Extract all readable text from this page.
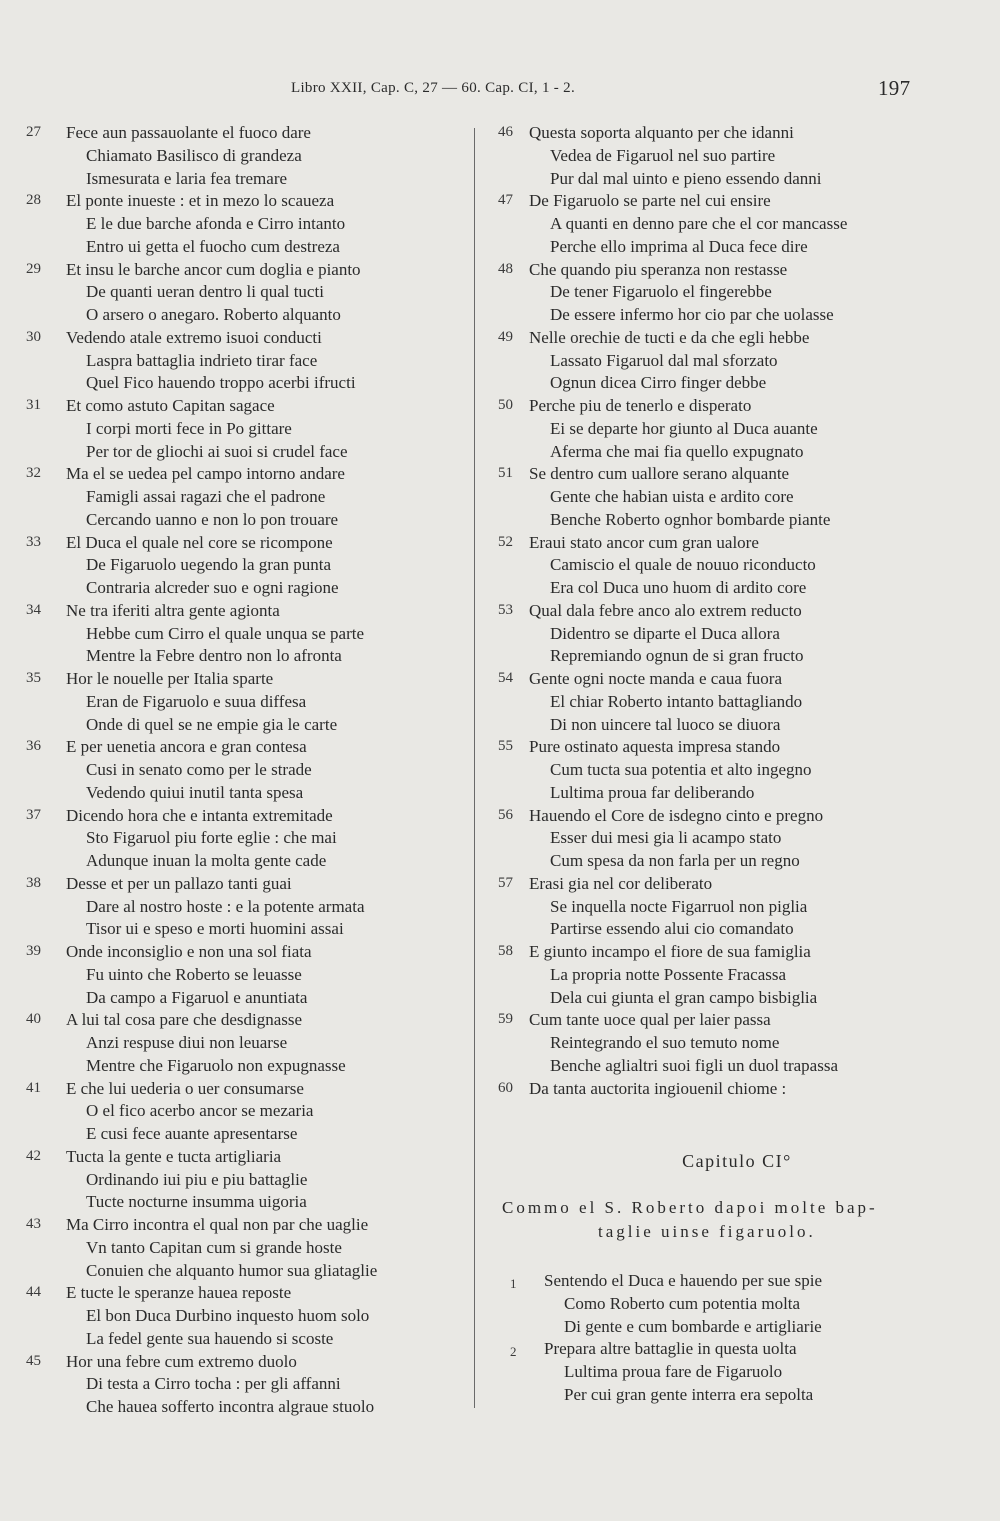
Libro XXII, Cap. C, 27 — 60. Cap. CI, 1 - 2.	197
27	Fece aun passauolante el fuoco dare
Chiamato Basilisco di grandeza
Ismesurata e laria fea tremare
28	El ponte inueste : et in mezo lo scaueza
E le due barche afonda e Cirro intanto
Entro ui getta el fuocho cum destreza
29	Et insu le barche ancor cum doglia e pianto
De quanti ueran dentro li qual tucti
O arsero o anegaro. Roberto alquanto
30	Vedendo atale extremo isuoi conducti
Laspra battaglia indrieto tirar face
Quel Fico hauendo troppo acerbi ifructi
31	Et como astuto Capitan sagace
I corpi morti fece in Po gittare
Per tor de gliochi ai suoi si crudel face
32	Ma el se uedea pel campo intorno andare
Famigli assai ragazi che el padrone
Cercando uanno e non lo pon trouare
33	El Duca el quale nel core se ricompone
De Figaruolo uegendo la gran punta
Contraria alcreder suo e ogni ragione
34	Ne tra iferiti altra gente agionta
Hebbe cum Cirro el quale unqua se parte
Mentre la Febre dentro non lo afronta
35	Hor le nouelle per Italia sparte
Eran de Figaruolo e suua diffesa
Onde di quel se ne empie gia le carte
36	E per uenetia ancora e gran contesa
Cusi in senato como per le strade
Vedendo quiui inutil tanta spesa
37	Dicendo hora che e intanta extremitade
Sto Figaruol piu forte eglie : che mai
Adunque inuan la molta gente cade
38	Desse et per un pallazo tanti guai
Dare al nostro hoste : e la potente armata
Tisor ui e speso e morti huomini assai
39	Onde inconsiglio e non una sol fiata
Fu uinto che Roberto se leuasse
Da campo a Figaruol e anuntiata
40	A lui tal cosa pare che desdignasse
Anzi respuse diui non leuarse
Mentre che Figaruolo non expugnasse
41	E che lui uederia o uer consumarse
O el fico acerbo ancor se mezaria
E cusi fece auante apresentarse
42	Tucta la gente e tucta artigliaria
Ordinando iui piu e piu battaglie
Tucte nocturne insumma uigoria
43	Ma Cirro incontra el qual non par che uaglie
Vn tanto Capitan cum si grande hoste
Conuien che alquanto humor sua gliataglie
44	E tucte le speranze hauea reposte
El bon Duca Durbino inquesto huom solo
La fedel gente sua hauendo si scoste
45	Hor una febre cum extremo duolo
Di testa a Cirro tocha : per gli affanni
Che hauea sofferto incontra algraue stuolo
46 Questa soporta alquanto per che idanni
Vedea de Figaruol nel suo partire
Pur dal mal uinto e pieno essendo danni
47 De Figaruolo se parte nel cui ensire
A quanti en denno pare che el cor mancasse
Perche ello imprima al Duca fece dire
48 Che quando piu speranza non restasse
De tener Figaruolo el fingerebbe
De essere infermo hor cio par che uolasse
49 Nelle orechie de tucti e da che egli hebbe
Lassato Figaruol dal mal sforzato
Ognun dicea Cirro finger debbe
50 Perche piu de tenerlo e disperato
Ei se departe hor giunto al Duca auante
Aferma che mai fia quello expugnato
51 Se dentro cum uallore serano alquante
Gente che habian uista e ardito core
Benche Roberto ognhor bombarde piante
52 Eraui stato ancor cum gran ualore
Camiscio el quale de nouuo riconducto
Era col Duca uno huom di ardito core
53 Qual dala febre anco alo extrem reducto
Didentro se diparte el Duca allora
Repremiando ognun de si gran fructo
54 Gente ogni nocte manda e caua fuora
El chiar Roberto intanto battagliando
Di non uincere tal luoco se diuora
55 Pure ostinato aquesta impresa stando
Cum tucta sua potentia et alto ingegno
Lultima proua far deliberando
56 Hauendo el Core de isdegno cinto e pregno
Esser dui mesi gia li acampo stato
Cum spesa da non farla per un regno
57 Erasi gia nel cor deliberato
Se inquella nocte Figarruol non piglia
Partirse essendo alui cio comandato
58 E giunto incampo el fiore de sua famiglia
La propria notte Possente Fracassa
Dela cui giunta el gran campo bisbiglia
59 Cum tante uoce qual per laier passa
Reintegrando el suo temuto nome
Benche aglialtri suoi figli un duol trapassa
60 Da tanta auctorita ingiouenil chiome :
Capitulo CI°
Commo el S. Roberto dapoi molte bap-
taglie uinse figaruolo.
1	Sentendo el Duca e hauendo per sue spie
Como Roberto cum potentia molta
Di gente e cum bombarde e artigliarie
2	Prepara altre battaglie in questa uolta
Lultima proua fare de Figaruolo
Per cui gran gente interra era sepolta
